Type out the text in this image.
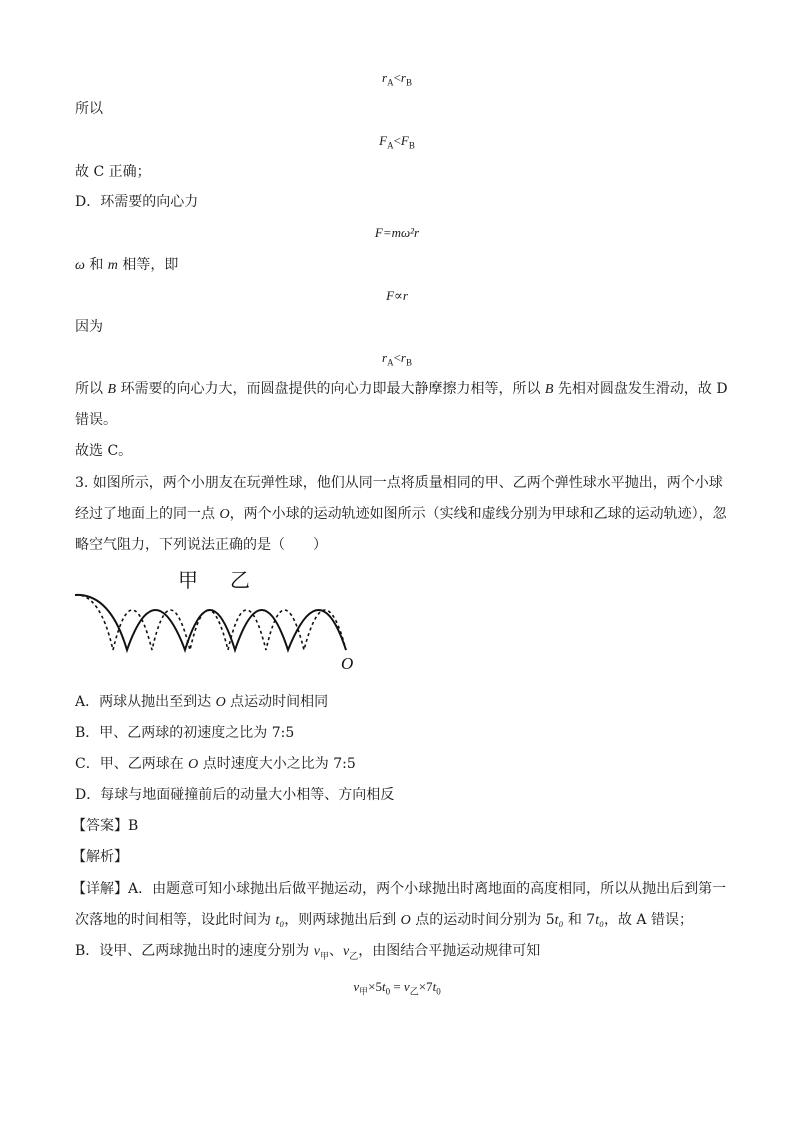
$r_A<r_B$
所以
$F_A<F_B$
故 C 正确；
D．环需要的向心力
F=mω²r
ω 和 m 相等，即
F∝r
因为
$r_A<r_B$
所以 B 环需要的向心力大，而圆盘提供的向心力即最大静摩擦力相等，所以 B 先相对圆盘发生滑动，故 D
错误。
故选 C。
3. 如图所示，两个小朋友在玩弹性球，他们从同一点将质量相同的甲、乙两个弹性球水平抛出，两个小球
经过了地面上的同一点 O，两个小球的运动轨迹如图所示（实线和虚线分别为甲球和乙球的运动轨迹），忽
略空气阻力，下列说法正确的是（　　）
甲 乙
O
A．两球从抛出至到达 O 点运动时间相同
B．甲、乙两球的初速度之比为 7:5
C．甲、乙两球在 O 点时速度大小之比为 7:5
D．每球与地面碰撞前后的动量大小相等、方向相反
【答案】B
【解析】
【详解】A．由题意可知小球抛出后做平抛运动，两个小球抛出时离地面的高度相同，所以从抛出后到第一
次落地的时间相等，设此时间为 t₀，则两球抛出后到 O 点的运动时间分别为 5t₀ 和 7t₀，故 A 错误；
B．设甲、乙两球抛出时的速度分别为 $v_甲$、$v_乙$，由图结合平抛运动规律可知
$v_甲\times 5t_0 = v_乙\times 7t_0$
